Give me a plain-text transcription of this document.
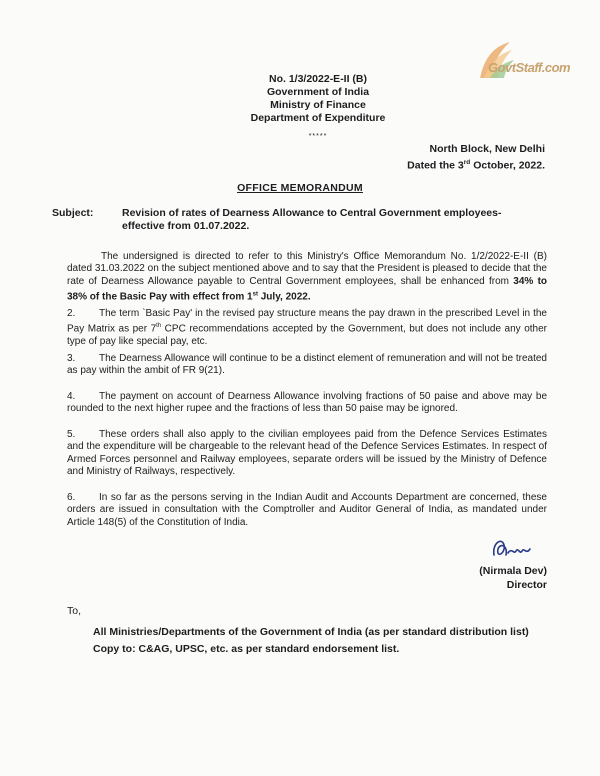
GovtStaff.com
No. 1/3/2022-E-II (B)
Government of India
Ministry of Finance
Department of Expenditure
*****
North Block, New Delhi
Dated the 3rd October, 2022.
OFFICE MEMORANDUM
Subject:	Revision of rates of Dearness Allowance to Central Government employees-
effective from 01.07.2022.
The undersigned is directed to refer to this Ministry's Office Memorandum No. 1/2/2022-E-II (B) dated 31.03.2022 on the subject mentioned above and to say that the President is pleased to decide that the rate of Dearness Allowance payable to Central Government employees, shall be enhanced from 34% to 38% of the Basic Pay with effect from 1st July, 2022.
2. The term `Basic Pay' in the revised pay structure means the pay drawn in the prescribed Level in the Pay Matrix as per 7th CPC recommendations accepted by the Government, but does not include any other type of pay like special pay, etc.
3. The Dearness Allowance will continue to be a distinct element of remuneration and will not be treated as pay within the ambit of FR 9(21).
4. The payment on account of Dearness Allowance involving fractions of 50 paise and above may be rounded to the next higher rupee and the fractions of less than 50 paise may be ignored.
5. These orders shall also apply to the civilian employees paid from the Defence Services Estimates and the expenditure will be chargeable to the relevant head of the Defence Services Estimates. In respect of Armed Forces personnel and Railway employees, separate orders will be issued by the Ministry of Defence and Ministry of Railways, respectively.
6. In so far as the persons serving in the Indian Audit and Accounts Department are concerned, these orders are issued in consultation with the Comptroller and Auditor General of India, as mandated under Article 148(5) of the Constitution of India.
(Nirmala Dev)
Director
To,
All Ministries/Departments of the Government of India (as per standard distribution list)
Copy to: C&AG, UPSC, etc. as per standard endorsement list.
